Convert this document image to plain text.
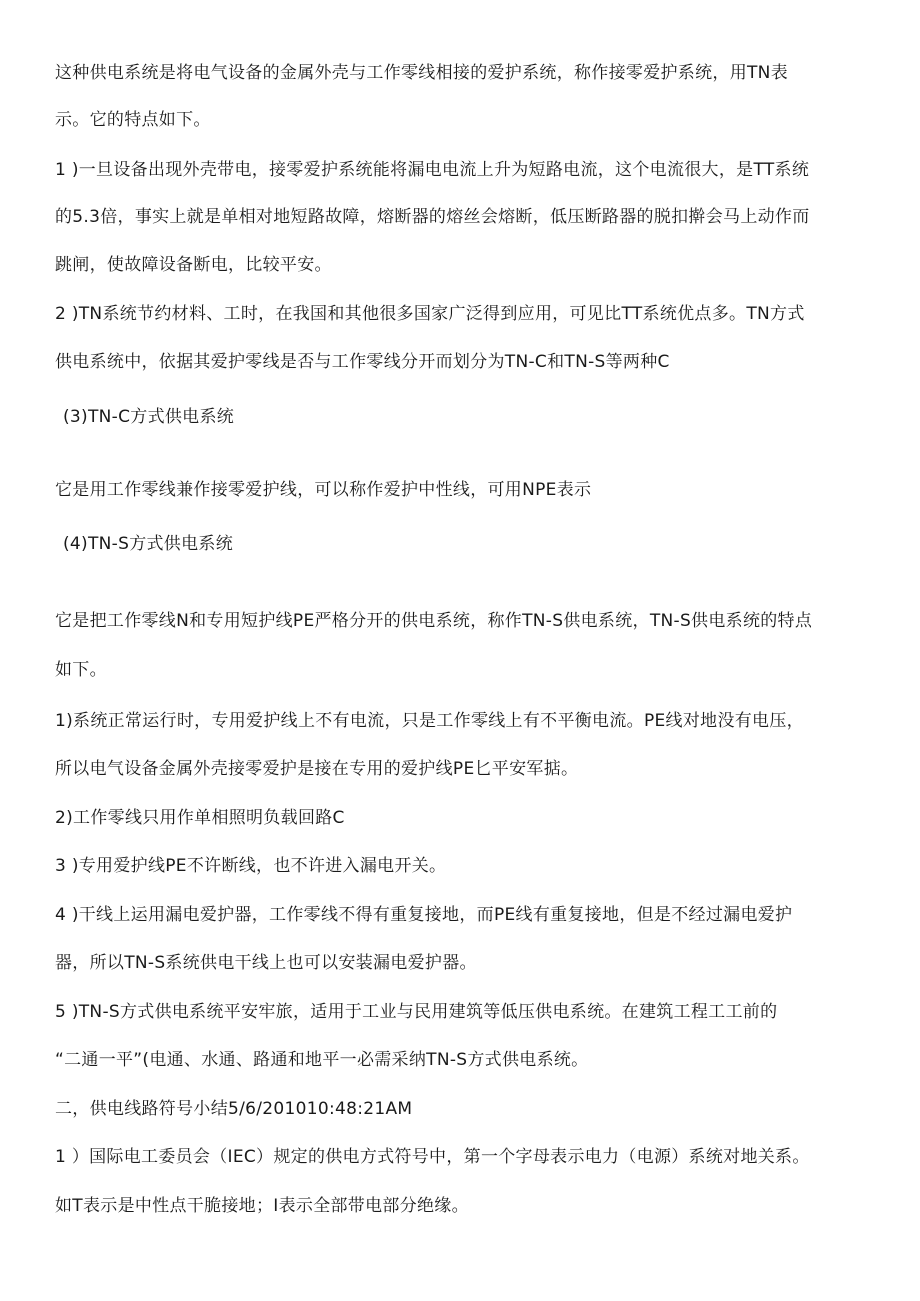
这种供电系统是将电气设备的金属外壳与工作零线相接的爱护系统，称作接零爱护系统，用TN表
示。它的特点如下。
1 )一旦设备出现外壳带电，接零爱护系统能将漏电电流上升为短路电流，这个电流很大，是TT系统
的5.3倍，事实上就是单相对地短路故障，熔断器的熔丝会熔断，低压断路器的脱扣擀会马上动作而
跳闸，使故障设备断电，比较平安。
2 )TN系统节约材料、工时，在我国和其他很多国家广泛得到应用，可见比TT系统优点多。TN方式
供电系统中，依据其爱护零线是否与工作零线分开而划分为TN-C和TN-S等两种C
(3)TN-C方式供电系统
它是用工作零线兼作接零爱护线，可以称作爱护中性线，可用NPE表示
(4)TN-S方式供电系统
它是把工作零线N和专用短护线PE严格分开的供电系统，称作TN-S供电系统，TN-S供电系统的特点
如下。
1)系统正常运行时，专用爱护线上不有电流，只是工作零线上有不平衡电流。PE线对地没有电压，
所以电气设备金属外壳接零爱护是接在专用的爱护线PE匕平安军掂。
2)工作零线只用作单相照明负载回路C
3 )专用爱护线PE不许断线，也不许进入漏电开关。
4 )干线上运用漏电爱护器，工作零线不得有重复接地，而PE线有重复接地，但是不经过漏电爱护
器，所以TN-S系统供电干线上也可以安装漏电爱护器。
5 )TN-S方式供电系统平安牢旅，适用于工业与民用建筑等低压供电系统。在建筑工程工工前的
“二通一平”(电通、水通、路通和地平一必需采纳TN-S方式供电系统。
二，供电线路符号小结5/6/201010:48:21AM
1 ）国际电工委员会（IEC）规定的供电方式符号中，第一个字母表示电力（电源）系统对地关系。
如T表示是中性点干脆接地；I表示全部带电部分绝缘。
